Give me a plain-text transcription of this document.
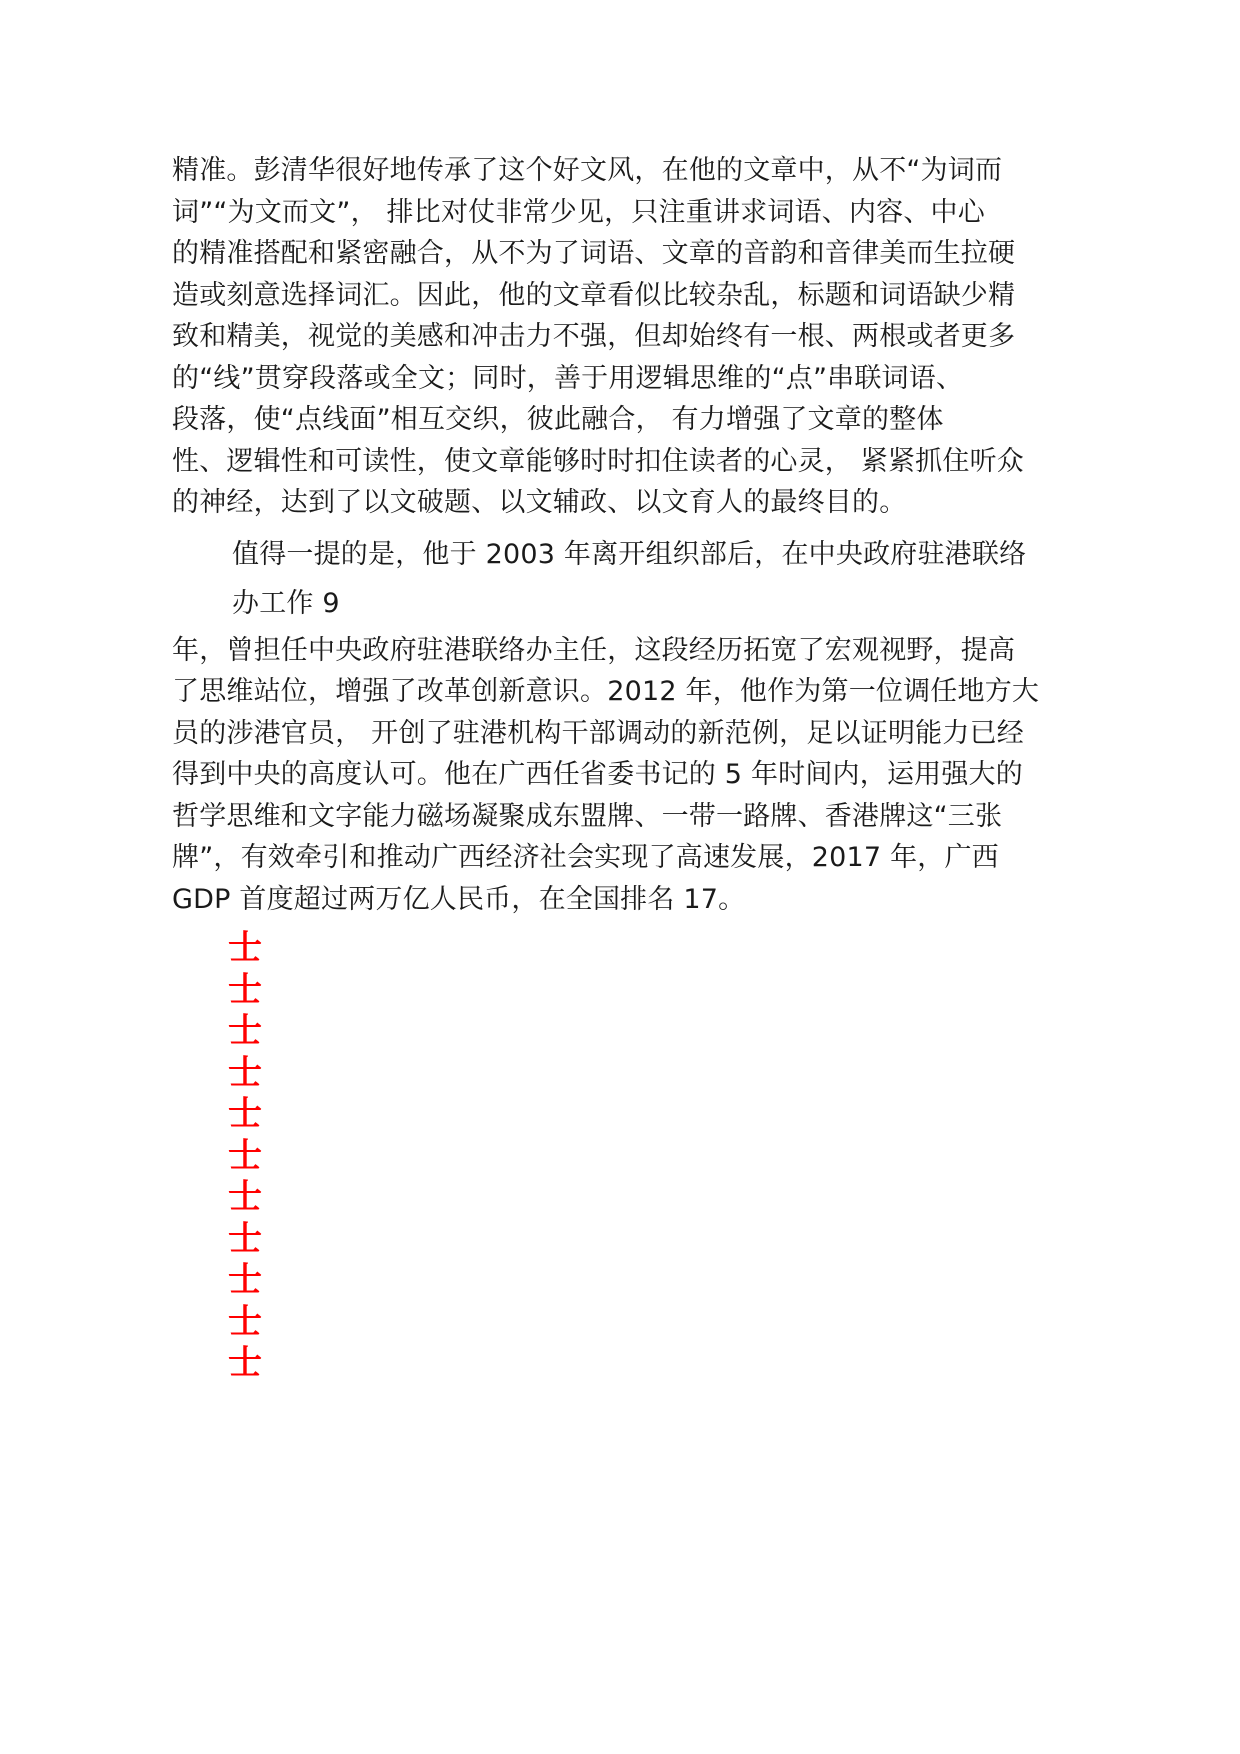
精准。彭清华很好地传承了这个好文风，在他的文章中，从不“为词而
词”“为文而文”， 排比对仗非常少见，只注重讲求词语、内容、中心
的精准搭配和紧密融合，从不为了词语、文章的音韵和音律美而生拉硬
造或刻意选择词汇。因此，他的文章看似比较杂乱，标题和词语缺少精
致和精美，视觉的美感和冲击力不强，但却始终有一根、两根或者更多
的“线”贯穿段落或全文；同时，善于用逻辑思维的“点”串联词语、
段落，使“点线面”相互交织，彼此融合， 有力增强了文章的整体
性、逻辑性和可读性，使文章能够时时扣住读者的心灵， 紧紧抓住听众
的神经，达到了以文破题、以文辅政、以文育人的最终目的。
值得一提的是，他于 2003 年离开组织部后，在中央政府驻港联络
办工作 9
年，曾担任中央政府驻港联络办主任，这段经历拓宽了宏观视野，提高
了思维站位，增强了改革创新意识。2012 年，他作为第一位调任地方大
员的涉港官员， 开创了驻港机构干部调动的新范例，足以证明能力已经
得到中央的高度认可。他在广西任省委书记的 5 年时间内，运用强大的
哲学思维和文字能力磁场凝聚成东盟牌、一带一路牌、香港牌这“三张
牌”，有效牵引和推动广西经济社会实现了高速发展，2017 年，广西
GDP 首度超过两万亿人民币，在全国排名 17。
士
士
士
士
士
士
士
士
士
士
士
